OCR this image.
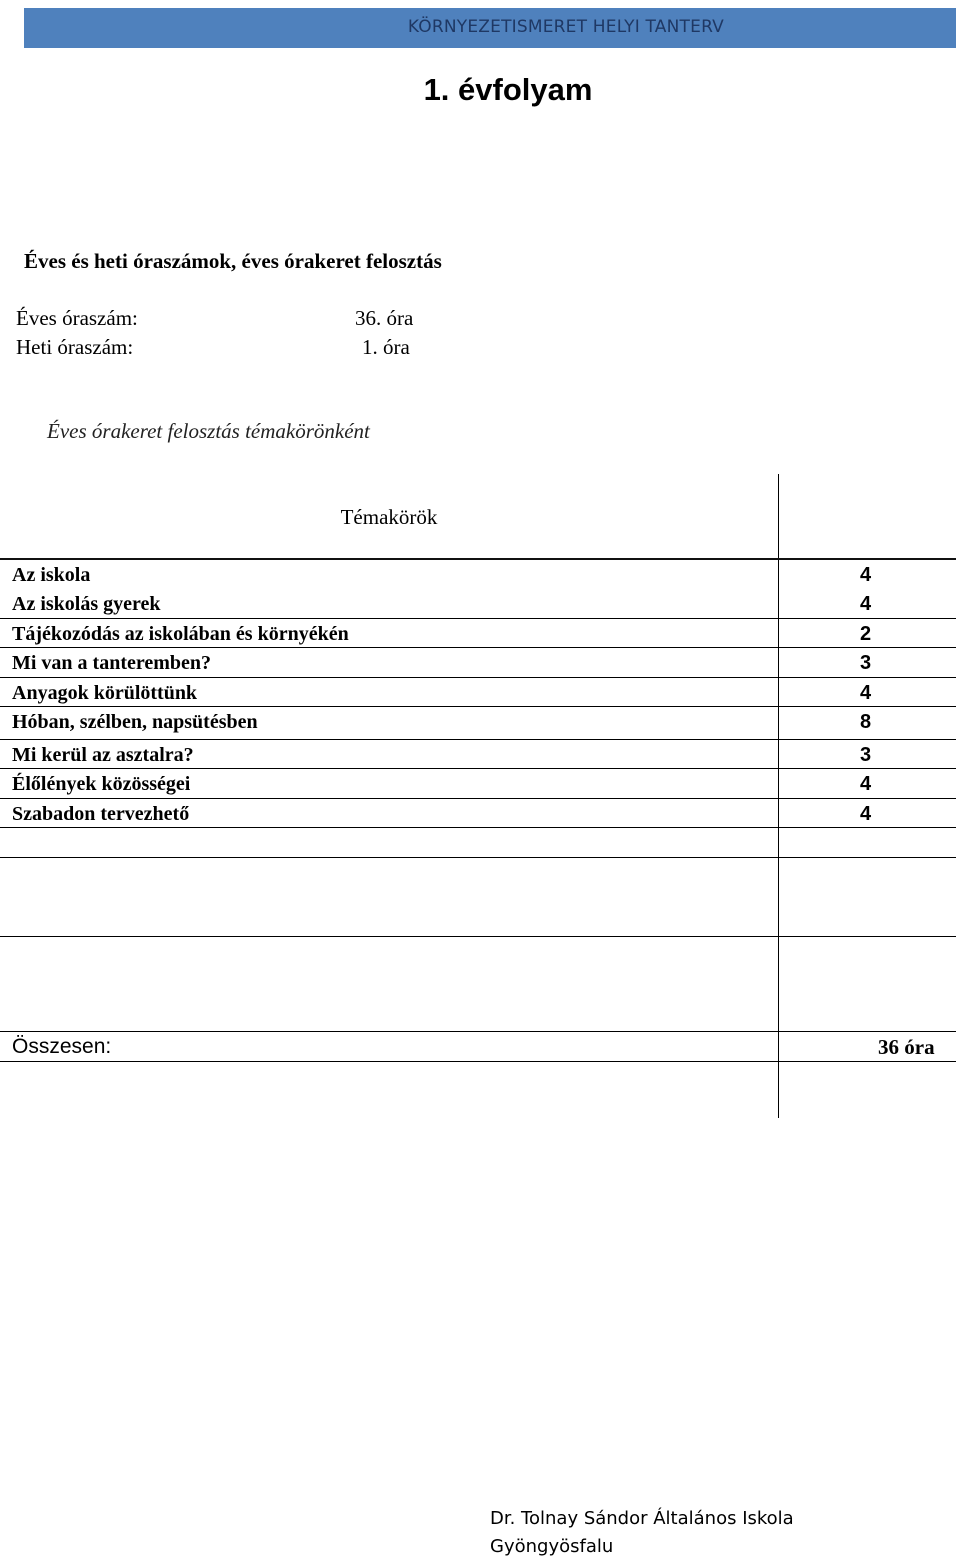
KÖRNYEZETISMERET HELYI TANTERV
1. évfolyam
Éves és heti óraszámok, éves órakeret felosztás
Éves óraszám:	36. óra
Heti óraszám:	1. óra
Éves órakeret felosztás témakörönként
Témakörök
Az iskola	4
Az iskolás gyerek	4
Tájékozódás az iskolában és környékén	2
Mi van a tanteremben?	3
Anyagok körülöttünk	4
Hóban, szélben, napsütésben	8
Mi kerül az asztalra?	3
Élőlények közösségei	4
Szabadon tervezhető	4
Összesen:	36 óra
Dr. Tolnay Sándor Általános Iskola
Gyöngyösfalu
